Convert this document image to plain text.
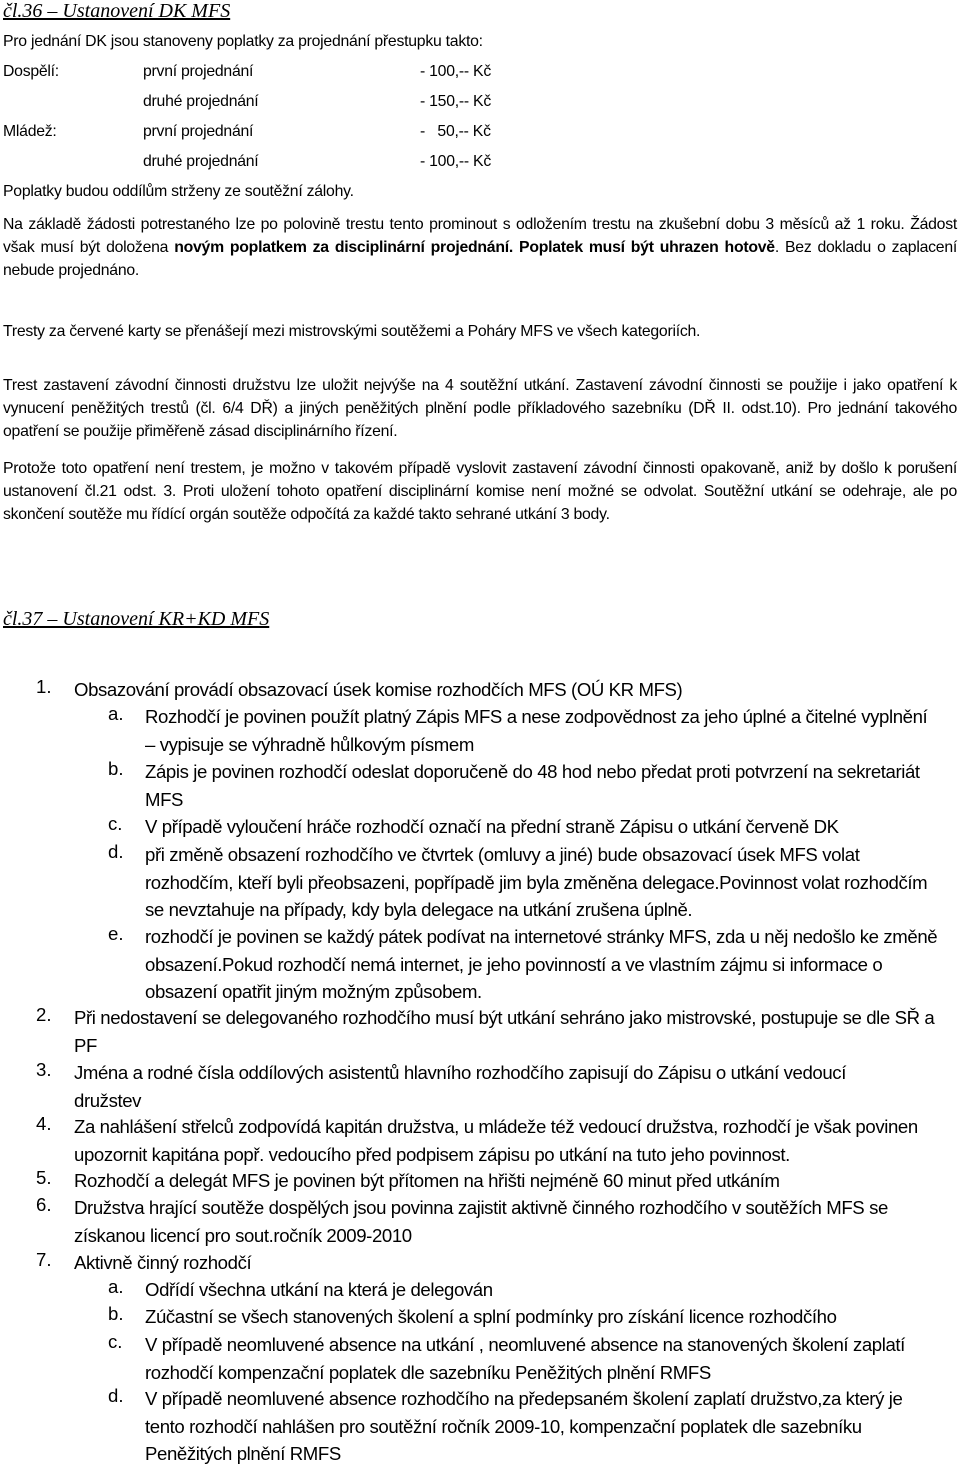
čl.36 – Ustanovení DK MFS
Pro jednání DK jsou stanoveny poplatky za projednání přestupku takto:
Dospělí:	první projednání	- 100,-- Kč
druhé projednání	- 150,-- Kč
Mládež:	první projednání	-   50,-- Kč
druhé projednání	- 100,-- Kč
Poplatky budou oddílům strženy ze soutěžní zálohy.
Na základě žádosti potrestaného lze po polovině trestu tento prominout s odložením trestu na zkušební dobu 3 měsíců až 1 roku. Žádost však musí být doložena novým poplatkem za disciplinární projednání. Poplatek musí být uhrazen hotově. Bez dokladu o zaplacení nebude projednáno.
Tresty za červené karty se přenášejí mezi mistrovskými soutěžemi a Poháry MFS ve všech kategoriích.
Trest zastavení závodní činnosti družstvu lze uložit nejvýše na 4 soutěžní utkání. Zastavení závodní činnosti se použije i jako opatření k vynucení peněžitých trestů (čl. 6/4 DŘ) a jiných peněžitých plnění podle příkladového sazebníku (DŘ II. odst.10). Pro jednání takového opatření se použije přiměřeně zásad disciplinárního řízení.
Protože toto opatření není trestem, je možno v takovém případě vyslovit zastavení závodní činnosti opakovaně, aniž by došlo k porušení ustanovení čl.21 odst. 3. Proti uložení tohoto opatření disciplinární komise není možné se odvolat. Soutěžní utkání se odehraje, ale po skončení soutěže mu řídící orgán soutěže odpočítá za každé takto sehrané utkání 3 body.
čl.37 – Ustanovení KR+KD MFS
1. Obsazování provádí obsazovací úsek komise rozhodčích MFS (OÚ KR MFS)
a. Rozhodčí je povinen použít platný Zápis MFS a nese zodpovědnost za jeho úplné a čitelné vyplnění – vypisuje se výhradně hůlkovým písmem
b. Zápis je povinen rozhodčí odeslat doporučeně do 48 hod nebo předat proti potvrzení na sekretariát MFS
c. V případě vyloučení hráče rozhodčí označí na přední straně Zápisu o utkání červeně DK
d. při změně obsazení rozhodčího ve čtvrtek (omluvy a jiné) bude obsazovací úsek MFS volat rozhodčím, kteří byli přeobsazeni, popřípadě jim byla změněna delegace.Povinnost volat rozhodčím se nevztahuje na případy, kdy byla delegace na utkání zrušena úplně.
e. rozhodčí je povinen se každý pátek podívat na internetové stránky MFS, zda u něj nedošlo ke změně obsazení.Pokud rozhodčí nemá internet, je jeho povinností a ve vlastním zájmu si informace o obsazení opatřit jiným možným způsobem.
2. Při nedostavení se delegovaného rozhodčího musí být utkání sehráno jako mistrovské, postupuje se dle SŘ a PF
3. Jména a rodné čísla oddílových asistentů hlavního rozhodčího zapisují do Zápisu o utkání vedoucí družstev
4. Za nahlášení střelců zodpovídá kapitán družstva, u mládeže též vedoucí družstva, rozhodčí je však povinen upozornit kapitána popř. vedoucího před podpisem zápisu po utkání na tuto jeho povinnost.
5. Rozhodčí a delegát MFS je povinen být přítomen na hřišti nejméně 60 minut před utkáním
6. Družstva hrající soutěže dospělých jsou povinna zajistit aktivně činného rozhodčího v soutěžích MFS se získanou licencí pro sout.ročník 2009-2010
7. Aktivně činný rozhodčí
a. Odřídí všechna utkání na která je delegován
b. Zúčastní se všech stanovených školení a splní podmínky pro získání licence rozhodčího
c. V případě neomluvené absence na utkání , neomluvené absence na stanovených školení zaplatí rozhodčí kompenzační poplatek dle sazebníku Peněžitých plnění RMFS
d. V případě neomluvené absence rozhodčího na předepsaném školení zaplatí družstvo,za který je tento rozhodčí nahlášen pro soutěžní ročník 2009-10, kompenzační poplatek dle sazebníku Peněžitých plnění RMFS
